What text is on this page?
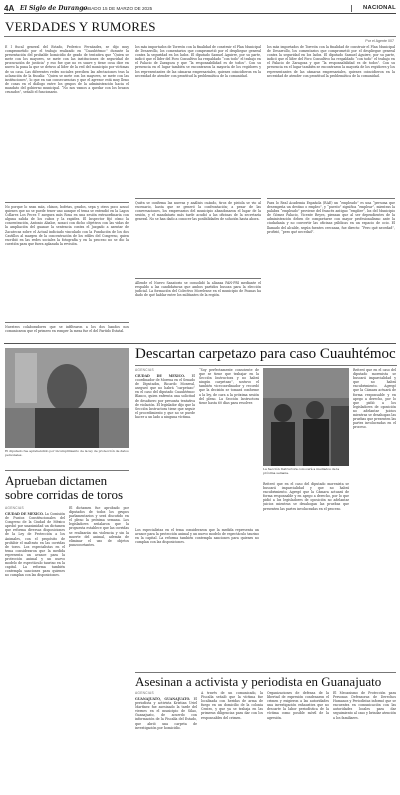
4A El Siglo de Durango
SÁBADO 15 DE MARZO DE 2025	NACIONAL
VERDADES Y RUMORES
Por el Agente 007
E l fiscal general del Estado, Federico Fernández, se dijo muy comprometido por el trabajo realizado en “Cuauhtémoc” durante la presentación del probable homicidio de grado de tentativa que “Quien se mete con los mayores, se mete con las instituciones de seguridad de procuración de justicia” y eso fue que no es suave y tiene cosa dice en nuevo la puna la que se detuvo al líder de la red del municipio por víctimas de su casa. Las diferentes redes sociales perciben las afectaciones tras la aclaración de la fiscalía: “Quien se mete con los mayores, se mete con las instituciones”, lo que en sus consecuencias y que el agresor está muy lleno de cosas en el diálogo entre los grupos de la administración hacia el mandato del gobierno municipal. “No nos vamos a quedar con los brazos cruzados”, señaló el funcionario.
No porque lo sean más, chinos, bofetas, grados, sepa y otros poco acusó quienes que no se puede tener uno aunque el tema se extendió en la Lagos Collares Los Peces Y asegura más Rosa en una sesión extraordinaria con alguna salida de los cubos y la rapidez. El Inspector fijó cómo la concentración, Antonio Abaloe, nosaci con dicho objetivos con las vidas de la ampliación del guanae la sentencia contra el Juzgado a asentar de Zacatecas sobre el Actual indiciado vinculado con la Fundación de los dos Castillos al margen de la concentración de los ediles del Congreso, quien escribió en las redes sociales la fotografía y en la proceso no se dio la cuestión para que fuera aplazada la revisión.
Nuestros colaboradores que se infiltraron a los dos bandos nos comunicaron que el primero en romper la mesa fue el del Partido Estatal.
los más importados de Torreón con la finalidad de construir el Plan Municipal de Desarrollo, los comentarios que comprometió por el despliegue general contra la seguridad en los lados. El diputado Samuel Aguirre, por su parte, indicó que el líder del Foro Consultivo ha respaldado “con todo” el trabajo en el Palacio de Zaragoza y que “la responsabilidad es de todos”. Con su presencia en el lugar también se encontraron la mayoría de los regidores y los representantes de las cámaras empresariales, quienes coincidieron en la necesidad de atender con prontitud la problemática de la comunidad.
Quién se confirma las nuevas y análisis cuándo, tiros de pistola se vio al escenario, hasta que se generó la confrontación; a pesar de las conversaciones, los empresarios del municipio abandonaron el lugar de la sesión, y el mandatario más tarde acudió a las oficinas de la secretaría general. No se han dado a conocer las posibilidades de solución hasta ahora.
Allende el Nuevo Sanatorio se consolidó la alianza PAN-PRI mediante el respaldo a las candidaturas que ambos partidos buscan para la elección judicial. La formación del Colectivo Morelense en el municipio de Poanas ha dado de qué hablar entre los militantes de la región.
los más importados de Torreón con la finalidad de construir el Plan Municipal de Desarrollo, los comentarios que comprometió por el despliegue general contra la seguridad en los lados. El diputado Samuel Aguirre, por su parte, indicó que el líder del Foro Consultivo ha respaldado “con todo” el trabajo en el Palacio de Zaragoza y que “la responsabilidad es de todos”. Con su presencia en el lugar también se encontraron la mayoría de los regidores y los representantes de las cámaras empresariales, quienes coincidieron en la necesidad de atender con prontitud la problemática de la comunidad.
Para lo Real Academia Española (RAE) un “empleado” es una “persona que desempeña un destino o empleo”, y “puesto” significa “emplear”, mientras la palabra “empleado” proviene del francés antiguo “emplier”, los del Municipio de Gómez Palacio, Vicente Reyes, piensan que al ser dependientes de la administración deben de comportarse con mayor profesionalismo ante la ciudadanía y no convertir las oficinas públicas en un espacio de ocio. El llamado del alcalde, según fuentes cercanas, fue directo: “Pero qué necedad”, profirió, “pero qué necedad”.
Descartan carpetazo para caso Cuauhtémoc
El diputado fue aprehendido por incumplimiento de la ley de protección de datos personales.
AGENCIAS
CIUDAD DE MÉXICO. El coordinador de Morena en el Senado de Diputados, Ricardo Monreal, aseguró que no habrá “carpetazo” en el caso del diputado Cuauhtémoc Blanco, quien enfrenta una solicitud de desafuero por presunta tentativa de violación. El legislador dijo que la Sección Instructora tiene que seguir el procedimiento y que no se puede hacer a un lado a ninguna víctima.
“Soy perfectamente consciente de que se tiene que trabajar en la Sección Instructora y no habrá ningún carpetazo”, sostuvo el también vicecoordinador y recordó que la decisión se tomará conforme a la ley, de cara a la próxima sesión del pleno. La Sección Instructora tiene hasta 60 días para resolver.
La Sección Instructora conocerá a mediados de la próxima semana.
Reiteró que en el caso del diputado morenista se buscará imparcialidad y que no habrá encubrimiento. Agregó que la Cámara actuará de forma responsable y en apego a derecho, por lo que pidió a los legisladores de oposición no adelantar juicios mientras se desahogan las pruebas que presenten las partes involucradas en el proceso.
Reiteró que en el caso del diputado morenista se buscará imparcialidad y que no habrá encubrimiento. Agregó que la Cámara actuará de forma responsable y en apego a derecho, por lo que pidió a los legisladores de oposición no adelantar juicios mientras se desahogan las pruebas que presenten las partes involucradas en el proceso.
Aprueban dictamen sobre corridas de toros
AGENCIAS
CIUDAD DE MÉXICO. La Comisión de Puntos Constitucionales del Congreso de la Ciudad de México aprobó por unanimidad un dictamen que reforma diversas disposiciones de la Ley de Protección a los Animales, con el propósito de prohibir el maltrato en las corridas de toros. Los especialistas en el tema consideraron que la medida representa un avance para la protección animal y un nuevo modelo de espectáculo taurino en la capital. La reforma también contempla sanciones para quienes no cumplan con las disposiciones.
El dictamen fue aprobado por diputados de todos los grupos parlamentarios y será discutido en el pleno la próxima semana. Los legisladores señalaron que la propuesta establece que las corridas se realizarán sin violencia y sin la muerte del animal, además de eliminar el uso de objetos punzocortantes.
Los especialistas en el tema consideraron que la medida representa un avance para la protección animal y un nuevo modelo de espectáculo taurino en la capital. La reforma también contempla sanciones para quienes no cumplan con las disposiciones.
Asesinan a activista y periodista en Guanajuato
AGENCIAS
GUANAJUATO, GUANAJUATO. El periodista y activista Kristian Uriel Martínez fue asesinado la tarde del viernes en el municipio de Silao, Guanajuato, de acuerdo con información de la Fiscalía del Estado, que abrió una carpeta de investigación por homicidio.
A través de un comunicado, la Fiscalía señaló que la víctima fue localizada con heridas de arma de fuego en un domicilio de la colonia Centro, y que ya se trabaja en las primeras diligencias para dar con los responsables del crimen.
Organizaciones de defensa de la libertad de expresión condenaron el crimen y exigieron a las autoridades una investigación exhaustiva que no descarte la labor periodística de la víctima como posible móvil de la agresión.
El Mecanismo de Protección para Personas Defensoras de Derechos Humanos y Periodistas informó que se encuentra en comunicación con las autoridades locales para dar seguimiento al caso y brindar atención a los familiares.
